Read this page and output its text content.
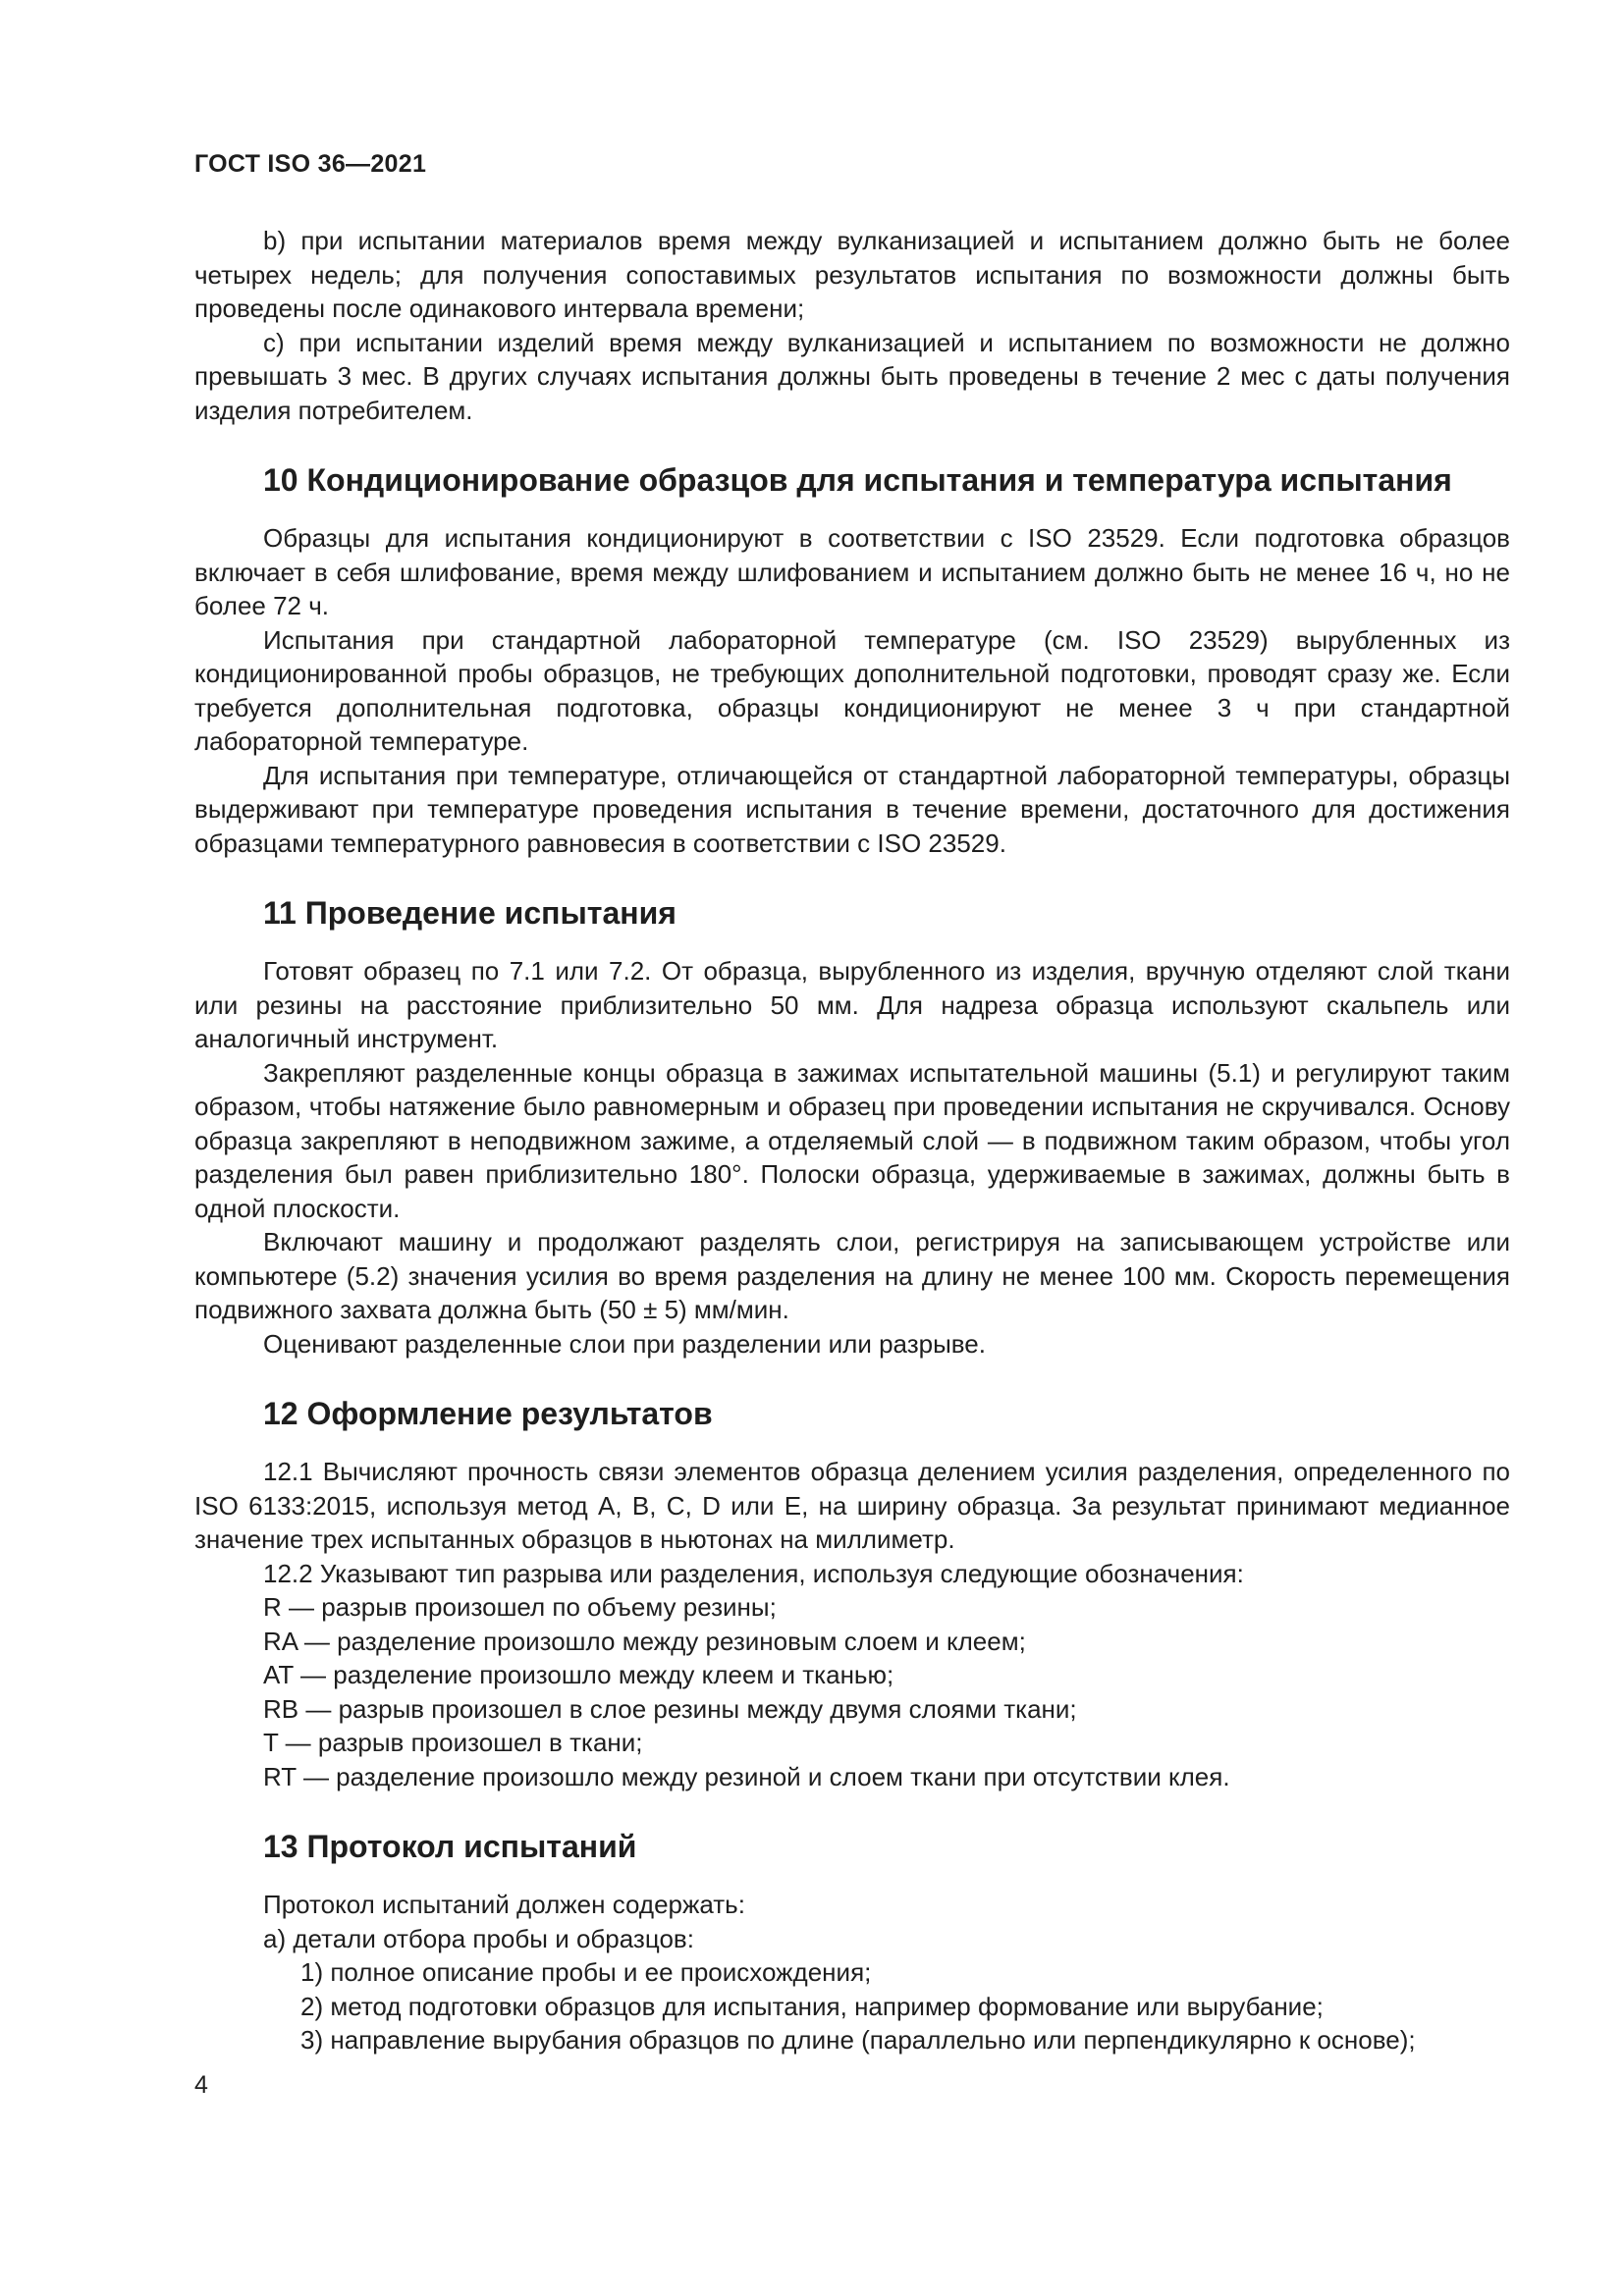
ГОСТ ISO 36—2021

b) при испытании материалов время между вулканизацией и испытанием должно быть не более четырех недель; для получения сопоставимых результатов испытания по возможности должны быть проведены после одинакового интервала времени;

c) при испытании изделий время между вулканизацией и испытанием по возможности не должно превышать 3 мес. В других случаях испытания должны быть проведены в течение 2 мес с даты получения изделия потребителем.

10 Кондиционирование образцов для испытания и температура испытания

Образцы для испытания кондиционируют в соответствии с ISO 23529. Если подготовка образцов включает в себя шлифование, время между шлифованием и испытанием должно быть не менее 16 ч, но не более 72 ч.

Испытания при стандартной лабораторной температуре (см. ISO 23529) вырубленных из кондиционированной пробы образцов, не требующих дополнительной подготовки, проводят сразу же. Если требуется дополнительная подготовка, образцы кондиционируют не менее 3 ч при стандартной лабораторной температуре.

Для испытания при температуре, отличающейся от стандартной лабораторной температуры, образцы выдерживают при температуре проведения испытания в течение времени, достаточного для достижения образцами температурного равновесия в соответствии с ISO 23529.

11 Проведение испытания

Готовят образец по 7.1 или 7.2. От образца, вырубленного из изделия, вручную отделяют слой ткани или резины на расстояние приблизительно 50 мм. Для надреза образца используют скальпель или аналогичный инструмент.

Закрепляют разделенные концы образца в зажимах испытательной машины (5.1) и регулируют таким образом, чтобы натяжение было равномерным и образец при проведении испытания не скручивался. Основу образца закрепляют в неподвижном зажиме, а отделяемый слой — в подвижном таким образом, чтобы угол разделения был равен приблизительно 180°. Полоски образца, удерживаемые в зажимах, должны быть в одной плоскости.

Включают машину и продолжают разделять слои, регистрируя на записывающем устройстве или компьютере (5.2) значения усилия во время разделения на длину не менее 100 мм. Скорость перемещения подвижного захвата должна быть (50 ± 5) мм/мин.

Оценивают разделенные слои при разделении или разрыве.

12 Оформление результатов

12.1 Вычисляют прочность связи элементов образца делением усилия разделения, определенного по ISO 6133:2015, используя метод А, В, С, D или Е, на ширину образца. За результат принимают медианное значение трех испытанных образцов в ньютонах на миллиметр.

12.2 Указывают тип разрыва или разделения, используя следующие обозначения:

R — разрыв произошел по объему резины;

RA — разделение произошло между резиновым слоем и клеем;

AT — разделение произошло между клеем и тканью;

RB — разрыв произошел в слое резины между двумя слоями ткани;

T — разрыв произошел в ткани;

RT — разделение произошло между резиной и слоем ткани при отсутствии клея.

13 Протокол испытаний

Протокол испытаний должен содержать:

а) детали отбора пробы и образцов:

1) полное описание пробы и ее происхождения;

2) метод подготовки образцов для испытания, например формование или вырубание;

3) направление вырубания образцов по длине (параллельно или перпендикулярно к основе);

4
